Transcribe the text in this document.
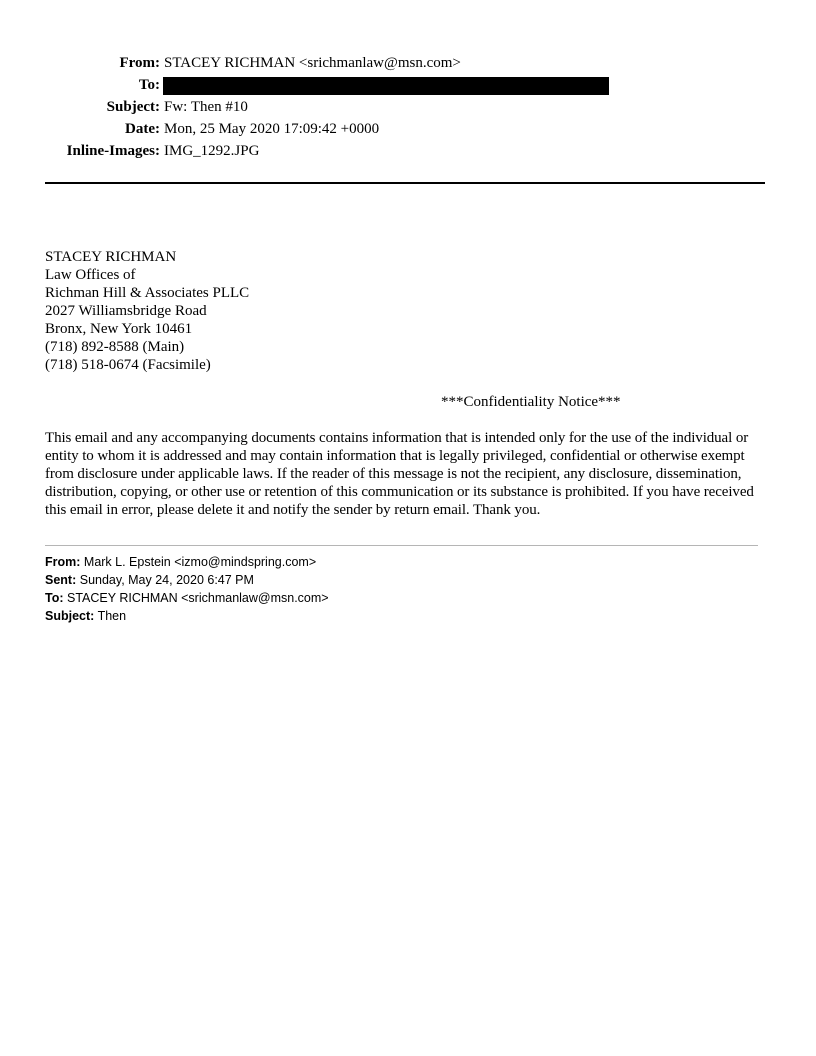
From: STACEY RICHMAN <srichmanlaw@msn.com>
To:
Subject: Fw: Then #10
Date: Mon, 25 May 2020 17:09:42 +0000
Inline-Images: IMG_1292.JPG
STACEY RICHMAN
Law Offices of
Richman Hill & Associates PLLC
2027 Williamsbridge Road
Bronx, New York 10461
(718) 892-8588 (Main)
(718) 518-0674 (Facsimile)
***Confidentiality Notice***
This email and any accompanying documents contains information that is intended only for the use of the individual or entity to whom it is addressed and may contain information that is legally privileged, confidential or otherwise exempt from disclosure under applicable laws. If the reader of this message is not the recipient, any disclosure, dissemination, distribution, copying, or other use or retention of this communication or its substance is prohibited. If you have received this email in error, please delete it and notify the sender by return email. Thank you.
From: Mark L. Epstein <izmo@mindspring.com>
Sent: Sunday, May 24, 2020 6:47 PM
To: STACEY RICHMAN <srichmanlaw@msn.com>
Subject: Then
